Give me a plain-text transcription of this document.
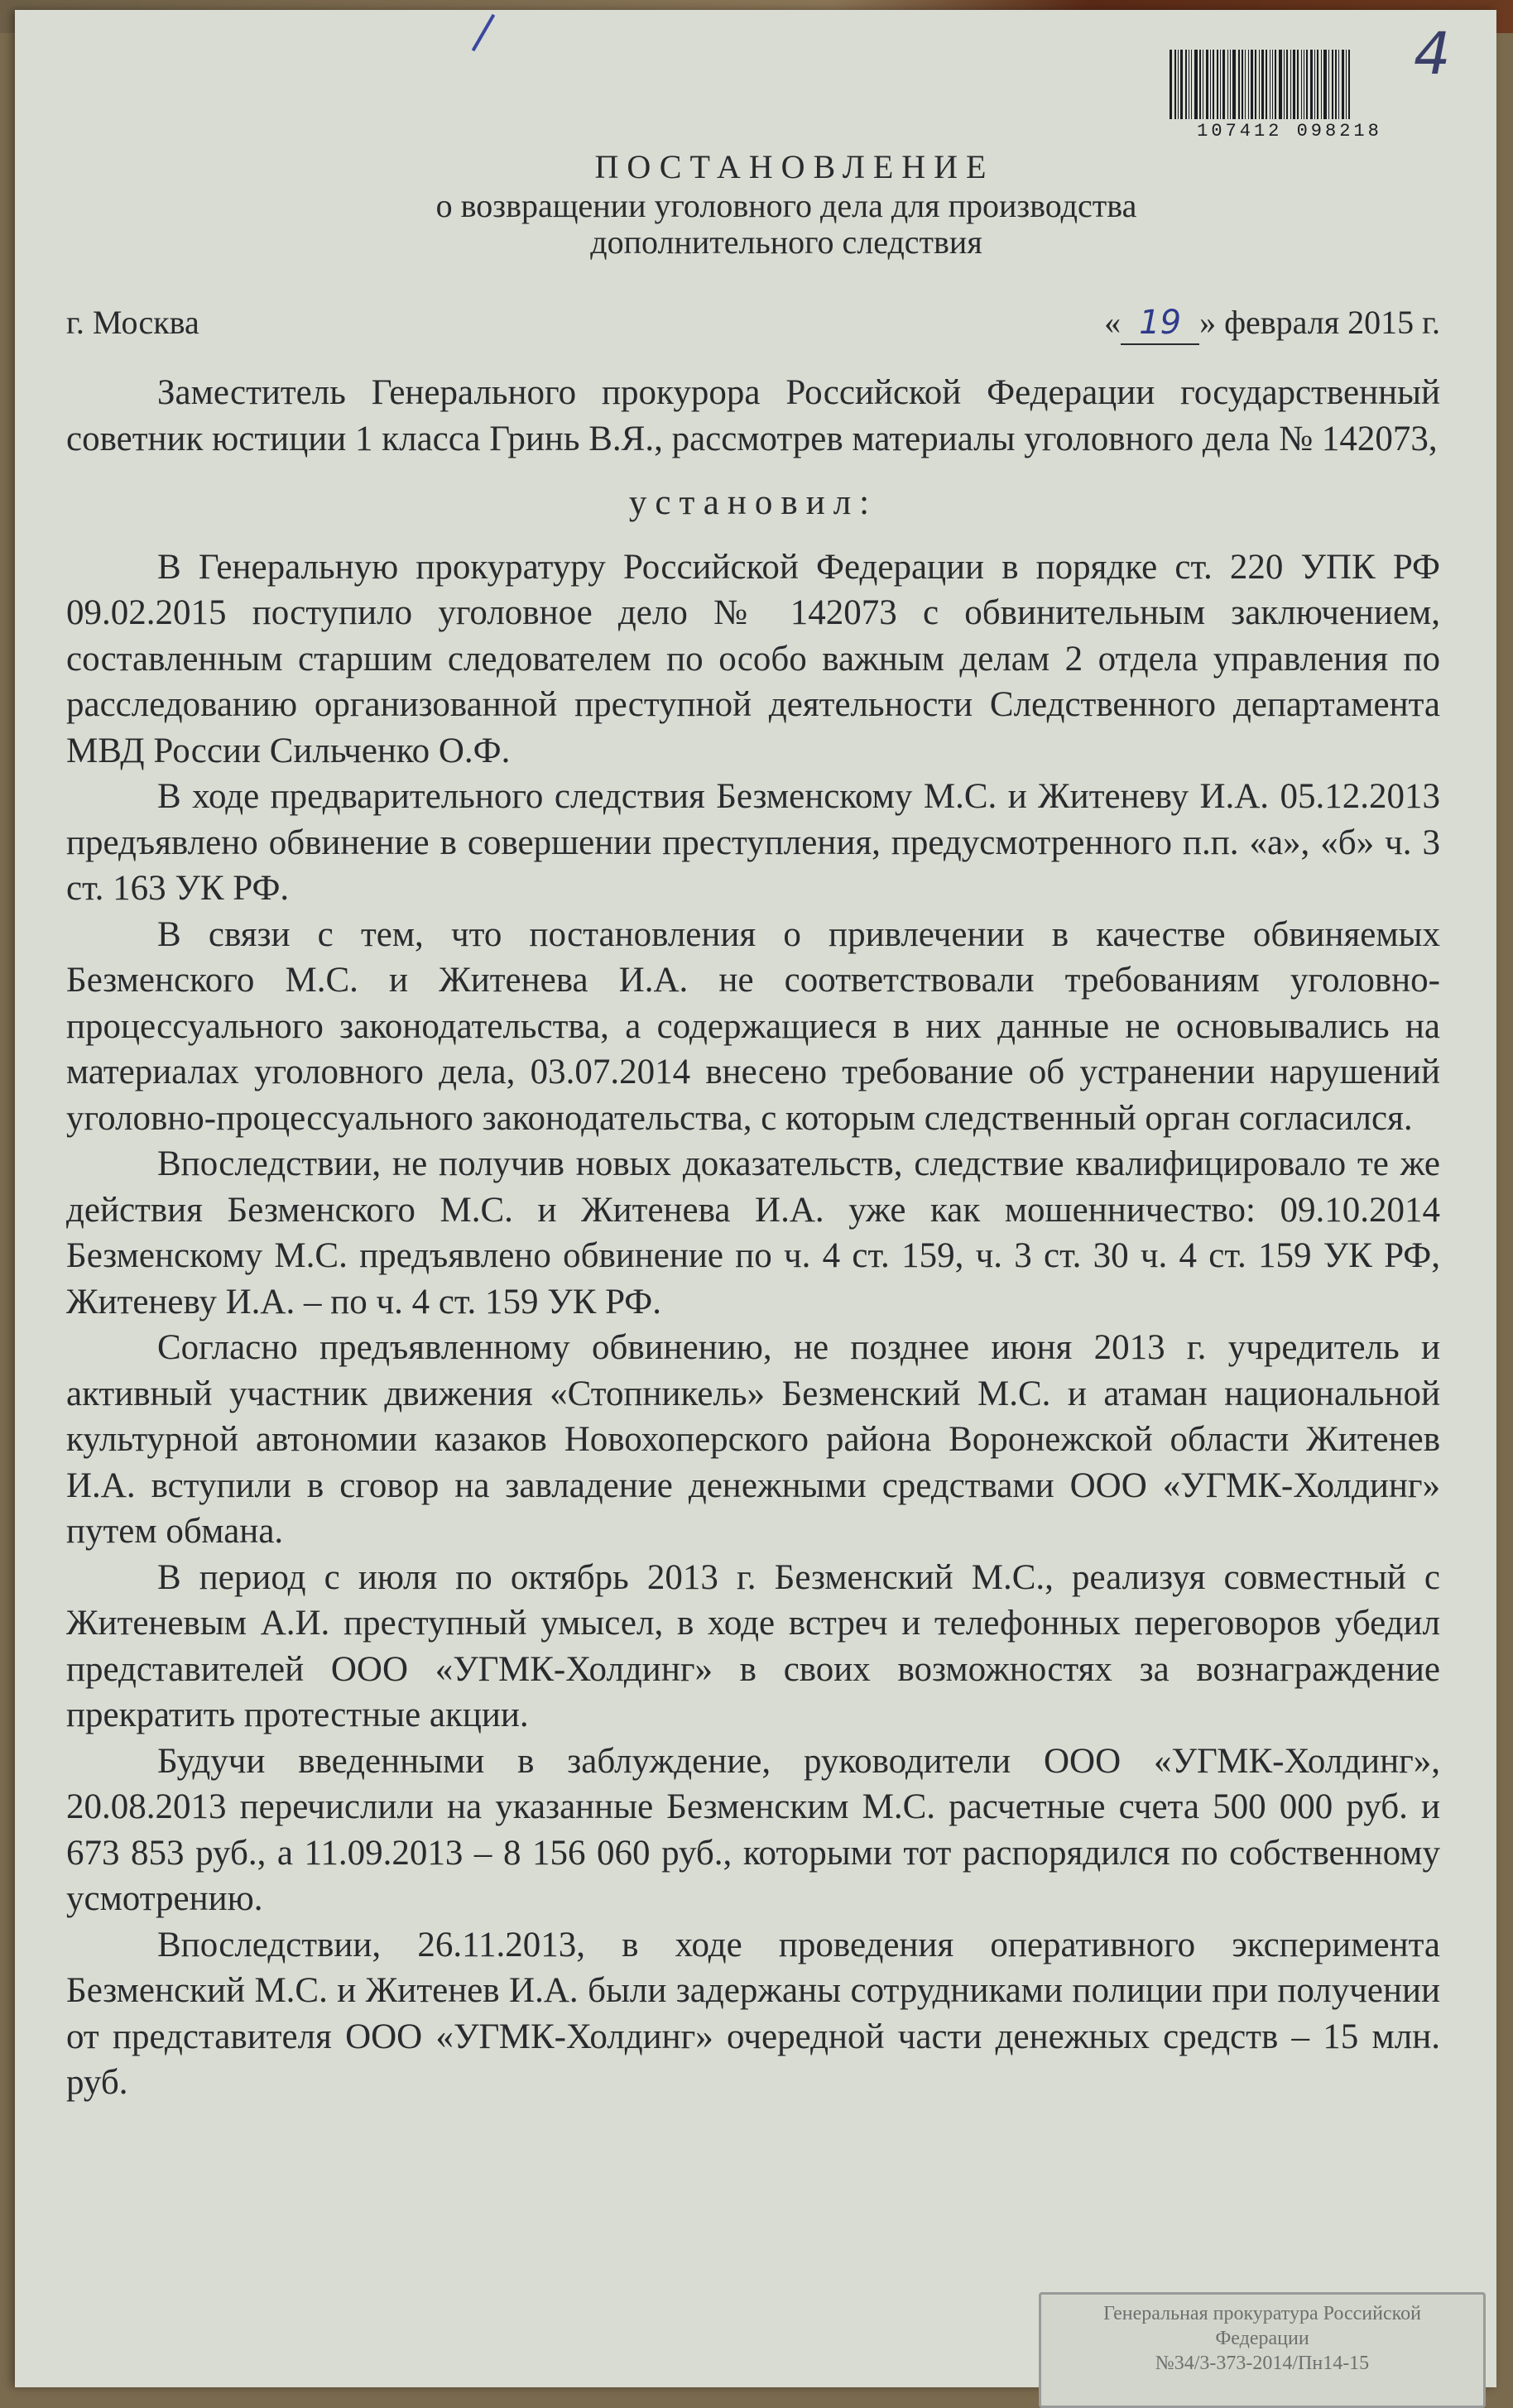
4
107412 098218
ПОСТАНОВЛЕНИЕ
о возвращении уголовного дела для производства
дополнительного следствия
г. Москва	« 19 » февраля 2015 г.

Заместитель Генерального прокурора Российской Федерации государственный советник юстиции 1 класса Гринь В.Я., рассмотрев материалы уголовного дела № 142073,

установил:

В Генеральную прокуратуру Российской Федерации в порядке ст. 220 УПК РФ 09.02.2015 поступило уголовное дело № 142073 с обвинительным заключением, составленным старшим следователем по особо важным делам 2 отдела управления по расследованию организованной преступной деятельности Следственного департамента МВД России Сильченко О.Ф.

В ходе предварительного следствия Безменскому М.С. и Житеневу И.А. 05.12.2013 предъявлено обвинение в совершении преступления, предусмотренного п.п. «а», «б» ч. 3 ст. 163 УК РФ.

В связи с тем, что постановления о привлечении в качестве обвиняемых Безменского М.С. и Житенева И.А. не соответствовали требованиям уголовно-процессуального законодательства, а содержащиеся в них данные не основывались на материалах уголовного дела, 03.07.2014 внесено требование об устранении нарушений уголовно-процессуального законодательства, с которым следственный орган согласился.

Впоследствии, не получив новых доказательств, следствие квалифицировало те же действия Безменского М.С. и Житенева И.А. уже как мошенничество: 09.10.2014 Безменскому М.С. предъявлено обвинение по ч. 4 ст. 159, ч. 3 ст. 30 ч. 4 ст. 159 УК РФ, Житеневу И.А. – по ч. 4 ст. 159 УК РФ.

Согласно предъявленному обвинению, не позднее июня 2013 г. учредитель и активный участник движения «Стопникель» Безменский М.С. и атаман национальной культурной автономии казаков Новохоперского района Воронежской области Житенев И.А. вступили в сговор на завладение денежными средствами ООО «УГМК-Холдинг» путем обмана.

В период с июля по октябрь 2013 г. Безменский М.С., реализуя совместный с Житеневым А.И. преступный умысел, в ходе встреч и телефонных переговоров убедил представителей ООО «УГМК-Холдинг» в своих возможностях за вознаграждение прекратить протестные акции.

Будучи введенными в заблуждение, руководители ООО «УГМК-Холдинг», 20.08.2013 перечислили на указанные Безменским М.С. расчетные счета 500 000 руб. и 673 853 руб., а 11.09.2013 – 8 156 060 руб., которыми тот распорядился по собственному усмотрению.

Впоследствии, 26.11.2013, в ходе проведения оперативного эксперимента Безменский М.С. и Житенев И.А. были задержаны сотрудниками полиции при получении от представителя ООО «УГМК-Холдинг» очередной части денежных средств – 15 млн. руб.

Генеральная прокуратура Российской
Федерации
№34/3-373-2014/Пн14-15
